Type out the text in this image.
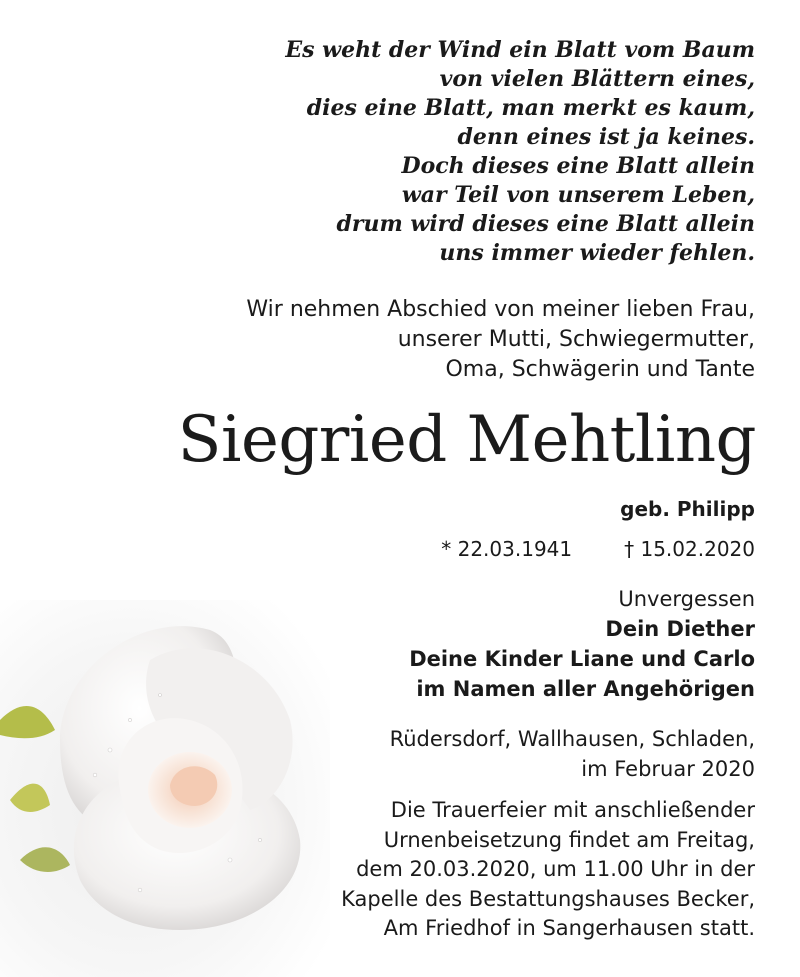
Es weht der Wind ein Blatt vom Baum
von vielen Blättern eines,
dies eine Blatt, man merkt es kaum,
denn eines ist ja keines.
Doch dieses eine Blatt allein
war Teil von unserem Leben,
drum wird dieses eine Blatt allein
uns immer wieder fehlen.
Wir nehmen Abschied von meiner lieben Frau,
unserer Mutti, Schwiegermutter,
Oma, Schwägerin und Tante
Siegried Mehtling
geb. Philipp
* 22.03.1941	† 15.02.2020
Unvergessen
Dein Diether
Deine Kinder Liane und Carlo
im Namen aller Angehörigen
Rüdersdorf, Wallhausen, Schladen,
im Februar 2020
Die Trauerfeier mit anschließender
Urnenbeisetzung findet am Freitag,
dem 20.03.2020, um 11.00 Uhr in der
Kapelle des Bestattungshauses Becker,
Am Friedhof in Sangerhausen statt.
